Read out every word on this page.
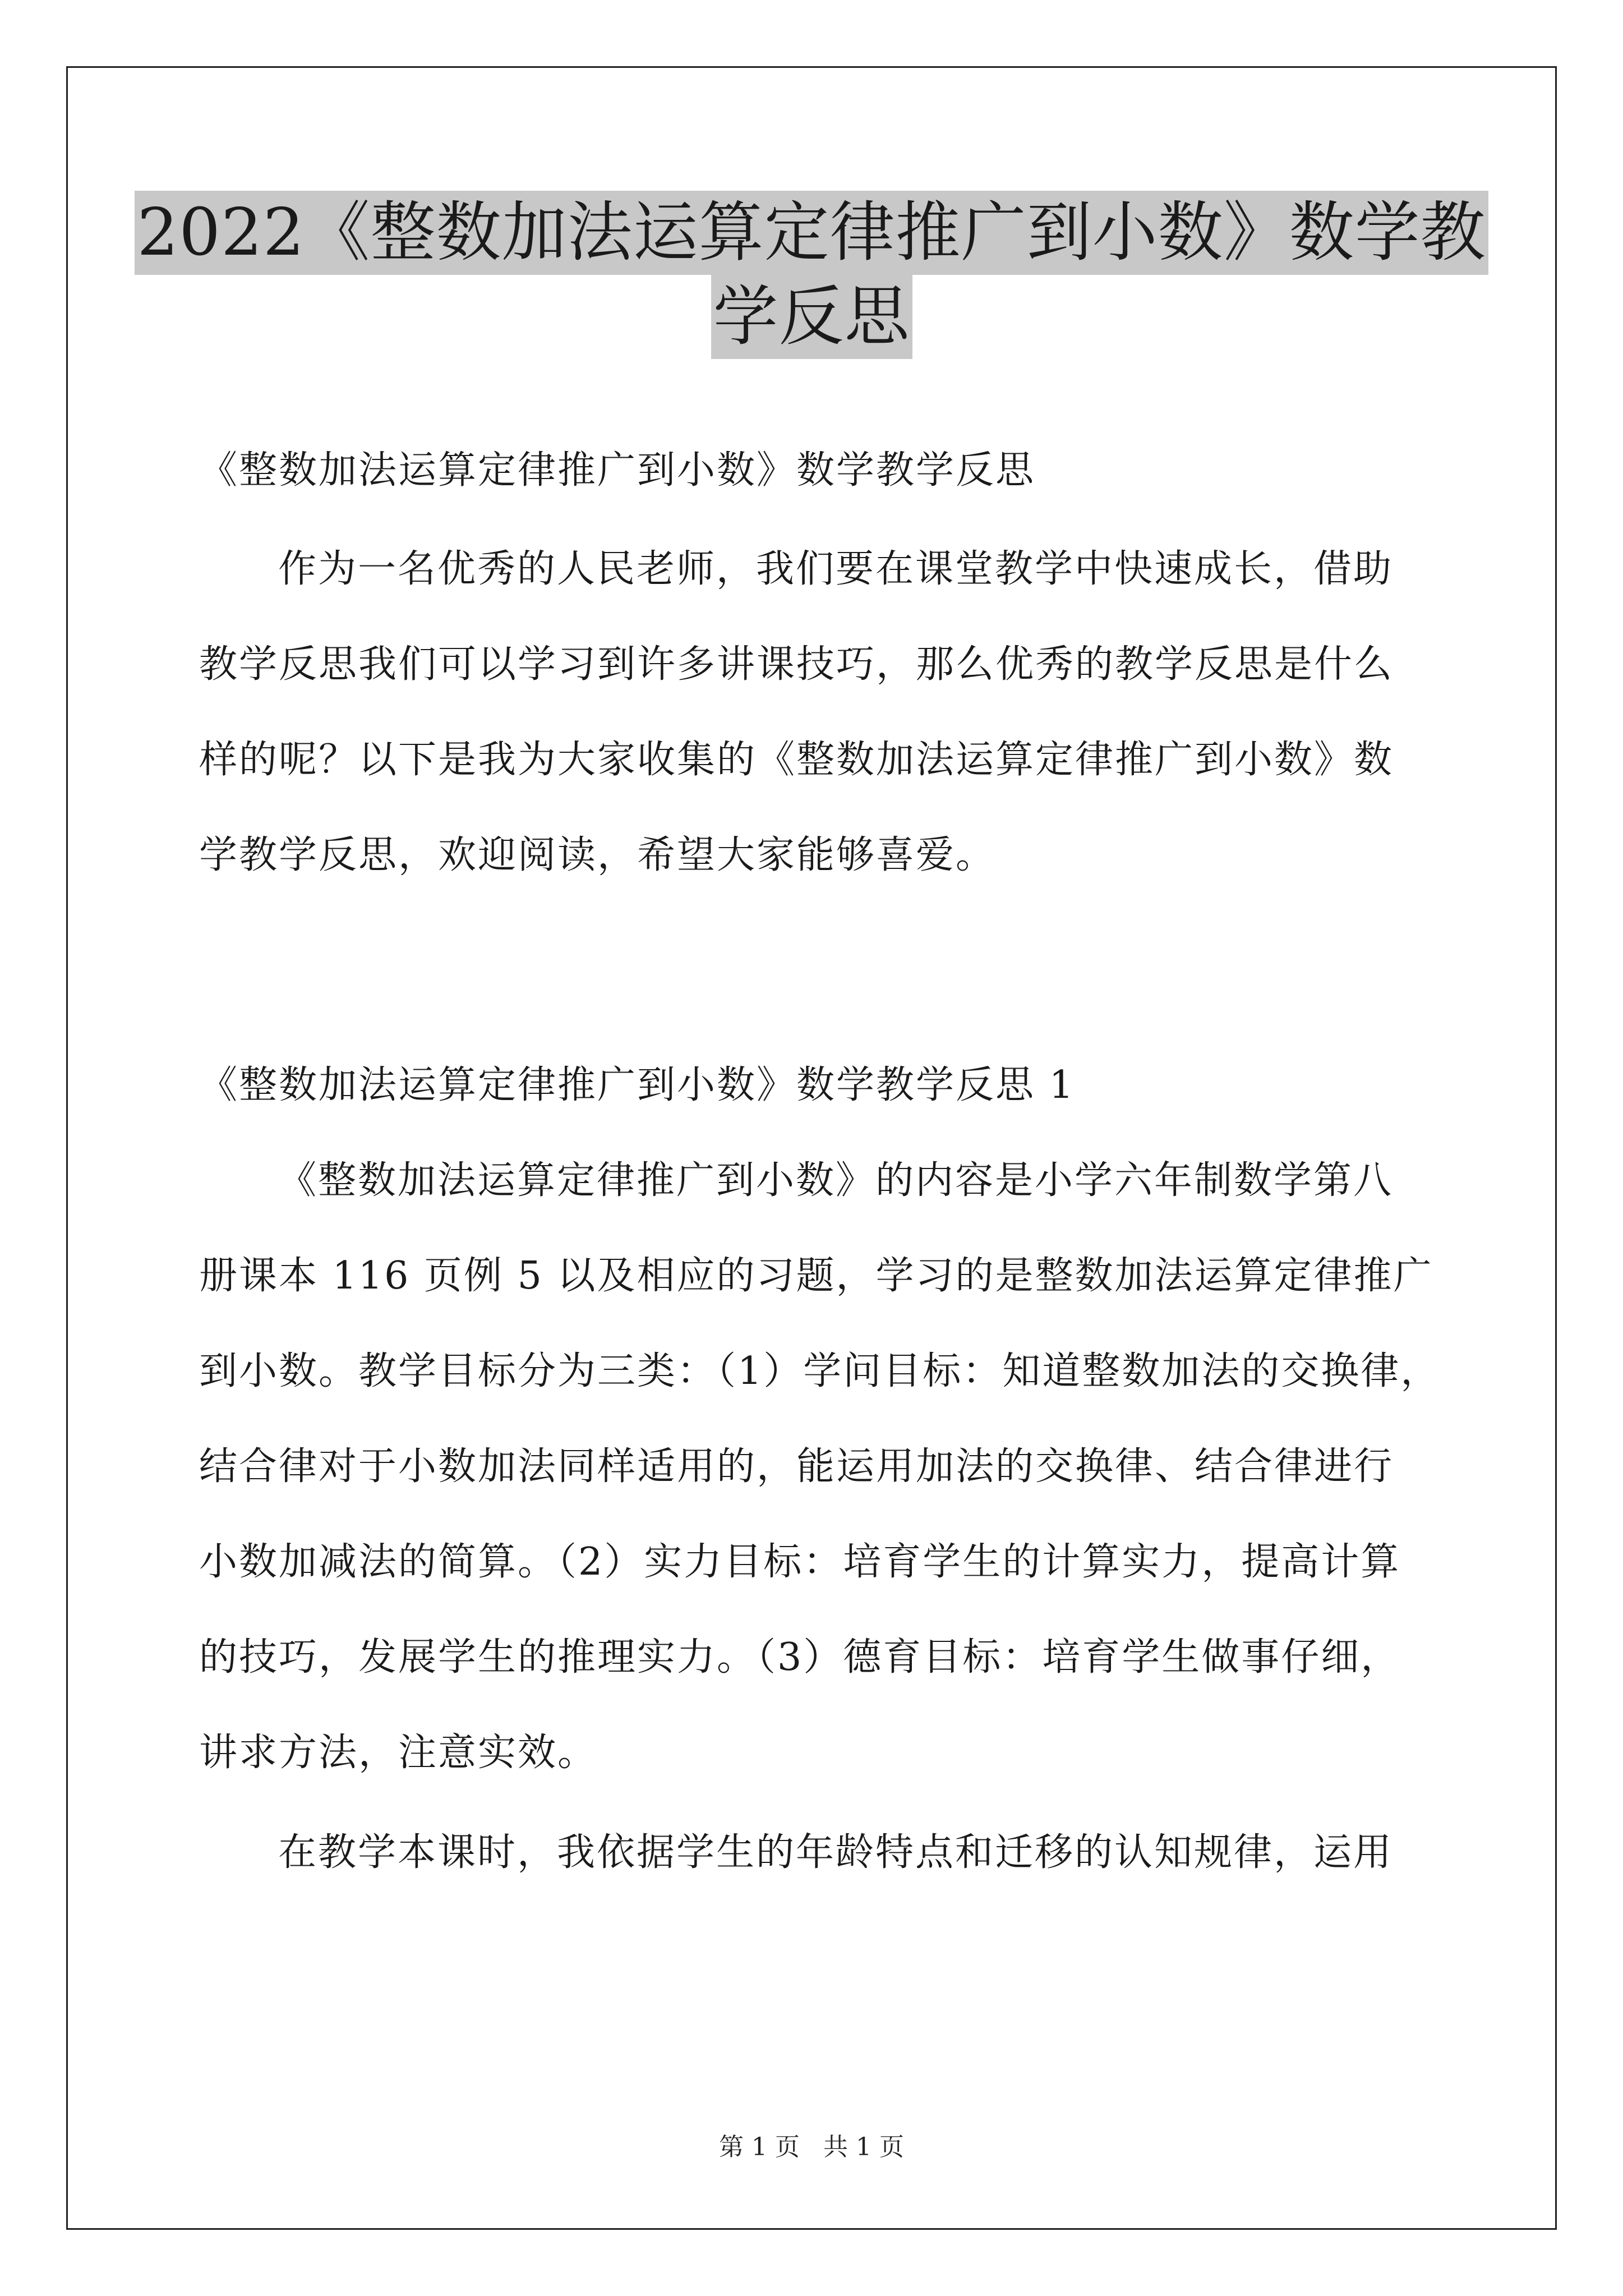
2022《整数加法运算定律推广到小数》数学教
学反思
《整数加法运算定律推广到小数》数学教学反思
作为一名优秀的人民老师，我们要在课堂教学中快速成长，借助
教学反思我们可以学习到许多讲课技巧，那么优秀的教学反思是什么
样的呢？以下是我为大家收集的《整数加法运算定律推广到小数》数
学教学反思，欢迎阅读，希望大家能够喜爱。
《整数加法运算定律推广到小数》数学教学反思 1
《整数加法运算定律推广到小数》的内容是小学六年制数学第八
册课本 116 页例 5 以及相应的习题，学习的是整数加法运算定律推广
到小数。教学目标分为三类：（1）学问目标：知道整数加法的交换律，
结合律对于小数加法同样适用的，能运用加法的交换律、结合律进行
小数加减法的简算。（2）实力目标：培育学生的计算实力，提高计算
的技巧，发展学生的推理实力。（3）德育目标：培育学生做事仔细，
讲求方法，注意实效。
在教学本课时，我依据学生的年龄特点和迁移的认知规律，运用
第 1 页 共 1 页
